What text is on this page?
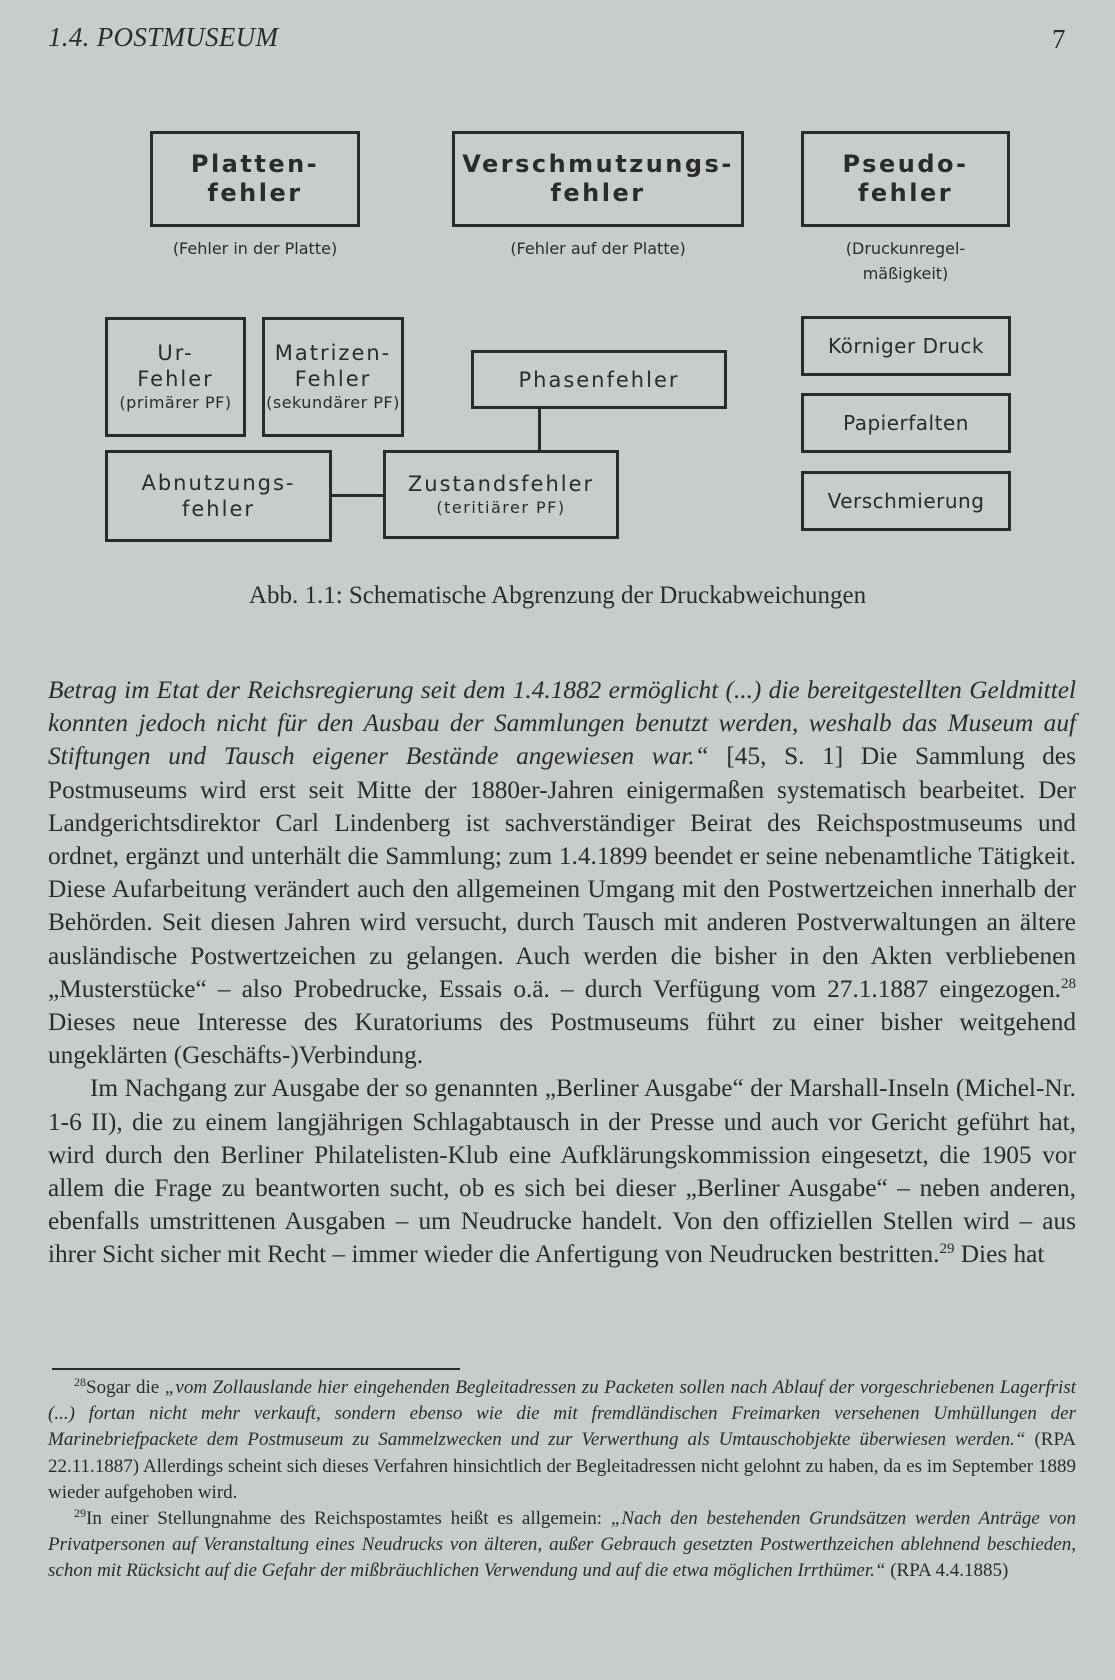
1.4. POSTMUSEUM	7
Platten-
fehler
(Fehler in der Platte)
Verschmutzungs-
fehler
(Fehler auf der Platte)
Pseudo-
fehler
(Druckunregel-
mäßigkeit)
Ur-
Fehler
(primärer PF)
Matrizen-
Fehler
(sekundärer PF)
Phasenfehler
Abnutzungs-
fehler
Zustandsfehler
(teritiärer PF)
Körniger Druck
Papierfalten
Verschmierung
Abb. 1.1: Schematische Abgrenzung der Druckabweichungen

Betrag im Etat der Reichsregierung seit dem 1.4.1882 ermöglicht (...) die bereitgestellten Geldmittel konnten jedoch nicht für den Ausbau der Sammlungen benutzt werden, weshalb das Museum auf Stiftungen und Tausch eigener Bestände angewiesen war.“ [45, S. 1] Die Sammlung des Postmuseums wird erst seit Mitte der 1880er-Jahren einigermaßen systematisch bearbeitet. Der Landgerichtsdirektor Carl Lindenberg ist sachverständiger Beirat des Reichspostmuseums und ordnet, ergänzt und unterhält die Sammlung; zum 1.4.1899 beendet er seine nebenamtliche Tätigkeit. Diese Aufarbeitung verändert auch den allgemeinen Umgang mit den Postwertzeichen innerhalb der Behörden. Seit diesen Jahren wird versucht, durch Tausch mit anderen Postverwaltungen an ältere ausländische Postwertzeichen zu gelangen. Auch werden die bisher in den Akten verbliebenen „Musterstücke“ – also Probedrucke, Essais o.ä. – durch Verfügung vom 27.1.1887 eingezogen.$^{28}$ Dieses neue Interesse des Kuratoriums des Postmuseums führt zu einer bisher weitgehend ungeklärten (Geschäfts-)Verbindung.

Im Nachgang zur Ausgabe der so genannten „Berliner Ausgabe“ der Marshall-Inseln (Michel-Nr. 1-6 II), die zu einem langjährigen Schlagabtausch in der Presse und auch vor Gericht geführt hat, wird durch den Berliner Philatelisten-Klub eine Aufklärungskommission eingesetzt, die 1905 vor allem die Frage zu beantworten sucht, ob es sich bei dieser „Berliner Ausgabe“ – neben anderen, ebenfalls umstrittenen Ausgaben – um Neudrucke handelt. Von den offiziellen Stellen wird – aus ihrer Sicht sicher mit Recht – immer wieder die Anfertigung von Neudrucken bestritten.$^{29}$ Dies hat

$^{28}$Sogar die „vom Zollauslande hier eingehenden Begleitadressen zu Packeten sollen nach Ablauf der vorgeschriebenen Lagerfrist (...) fortan nicht mehr verkauft, sondern ebenso wie die mit fremdländischen Freimarken versehenen Umhüllungen der Marinebriefpackete dem Postmuseum zu Sammelzwecken und zur Verwerthung als Umtauschobjekte überwiesen werden.“ (RPA 22.11.1887) Allerdings scheint sich dieses Verfahren hinsichtlich der Begleitadressen nicht gelohnt zu haben, da es im September 1889 wieder aufgehoben wird.

$^{29}$In einer Stellungnahme des Reichspostamtes heißt es allgemein: „Nach den bestehenden Grundsätzen werden Anträge von Privatpersonen auf Veranstaltung eines Neudrucks von älteren, außer Gebrauch gesetzten Postwerthzeichen ablehnend beschieden, schon mit Rücksicht auf die Gefahr der mißbräuchlichen Verwendung und auf die etwa möglichen Irrthümer.“ (RPA 4.4.1885)
